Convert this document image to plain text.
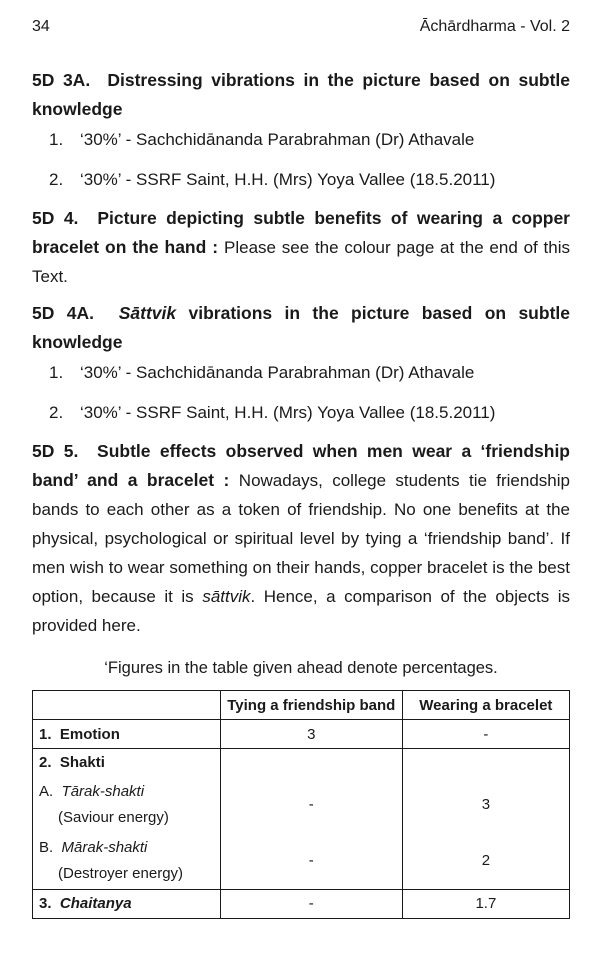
34	Āchārdharma - Vol. 2

5D 3A. Distressing vibrations in the picture based on subtle knowledge

1. ‘30%’ - Sachchidānanda Parabrahman (Dr) Athavale
2. ‘30%’ - SSRF Saint, H.H. (Mrs) Yoya Vallee (18.5.2011)

5D 4. Picture depicting subtle benefits of wearing a copper bracelet on the hand : Please see the colour page at the end of this Text.

5D 4A. Sāttvik vibrations in the picture based on subtle knowledge

1. ‘30%’ - Sachchidānanda Parabrahman (Dr) Athavale
2. ‘30%’ - SSRF Saint, H.H. (Mrs) Yoya Vallee (18.5.2011)

5D 5. Subtle effects observed when men wear a ‘friendship band’ and a bracelet : Nowadays, college students tie friendship bands to each other as a token of friendship. No one benefits at the physical, psychological or spiritual level by tying a ‘friendship band’. If men wish to wear something on their hands, copper bracelet is the best option, because it is sāttvik. Hence, a comparison of the objects is provided here.

‘Figures in the table given ahead denote percentages.

	Tying a friendship band	Wearing a bracelet
1. Emotion	3	-
2. Shakti		

A. Tārak-shakti
(Saviour energy)	-	3

B. Mārak-shakti
(Destroyer energy)	-	2
3. Chaitanya	-	1.7
